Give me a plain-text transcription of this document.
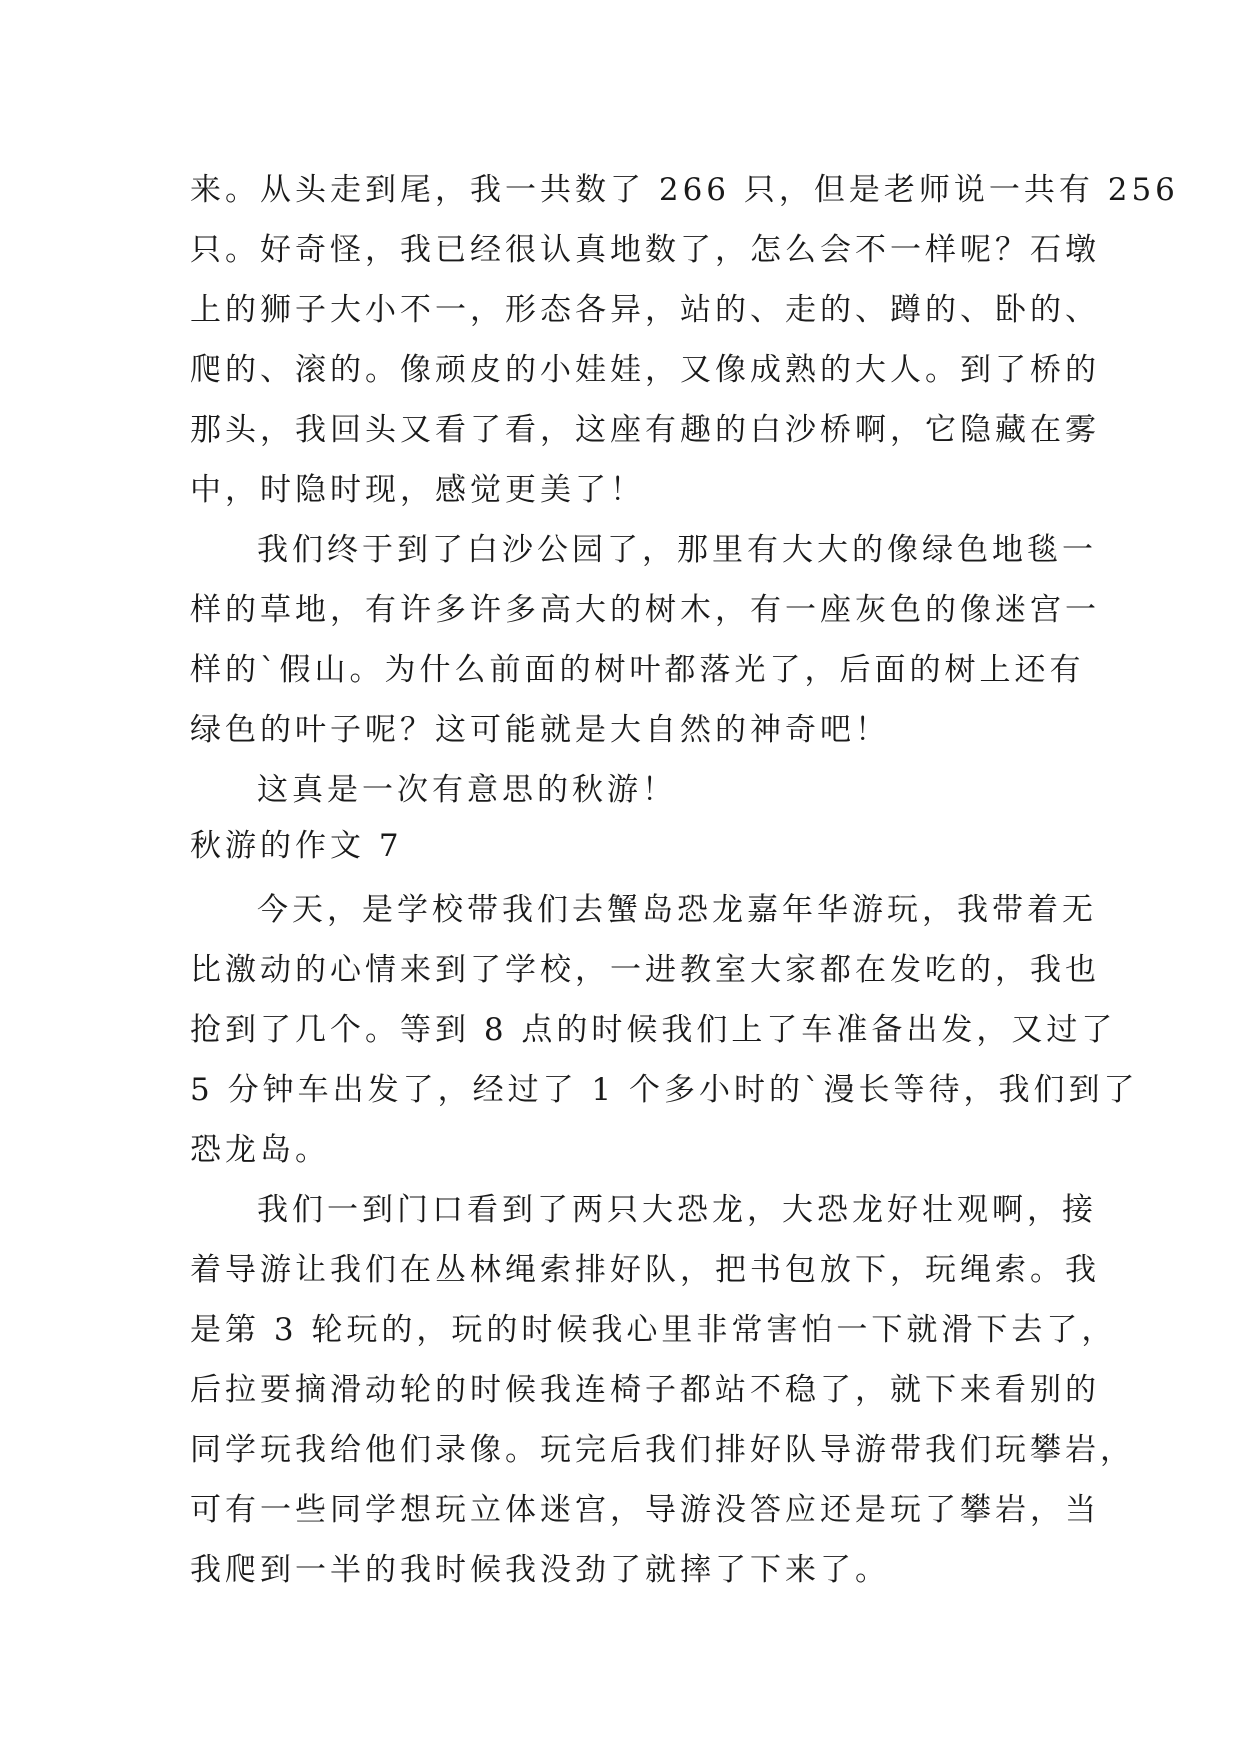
来。从头走到尾，我一共数了 266 只，但是老师说一共有 256
只。好奇怪，我已经很认真地数了，怎么会不一样呢？石墩
上的狮子大小不一，形态各异，站的、走的、蹲的、卧的、
爬的、滚的。像顽皮的小娃娃，又像成熟的大人。到了桥的
那头，我回头又看了看，这座有趣的白沙桥啊，它隐藏在雾
中，时隐时现，感觉更美了！
我们终于到了白沙公园了，那里有大大的像绿色地毯一
样的草地，有许多许多高大的树木，有一座灰色的像迷宫一
样的`假山。为什么前面的树叶都落光了，后面的树上还有
绿色的叶子呢？这可能就是大自然的神奇吧！
这真是一次有意思的秋游！
秋游的作文 7
今天，是学校带我们去蟹岛恐龙嘉年华游玩，我带着无
比激动的心情来到了学校，一进教室大家都在发吃的，我也
抢到了几个。等到 8 点的时候我们上了车准备出发，又过了
5 分钟车出发了，经过了 1 个多小时的`漫长等待，我们到了
恐龙岛。
我们一到门口看到了两只大恐龙，大恐龙好壮观啊，接
着导游让我们在丛林绳索排好队，把书包放下，玩绳索。我
是第 3 轮玩的，玩的时候我心里非常害怕一下就滑下去了，
后拉要摘滑动轮的时候我连椅子都站不稳了，就下来看别的
同学玩我给他们录像。玩完后我们排好队导游带我们玩攀岩，
可有一些同学想玩立体迷宫，导游没答应还是玩了攀岩，当
我爬到一半的我时候我没劲了就摔了下来了。
